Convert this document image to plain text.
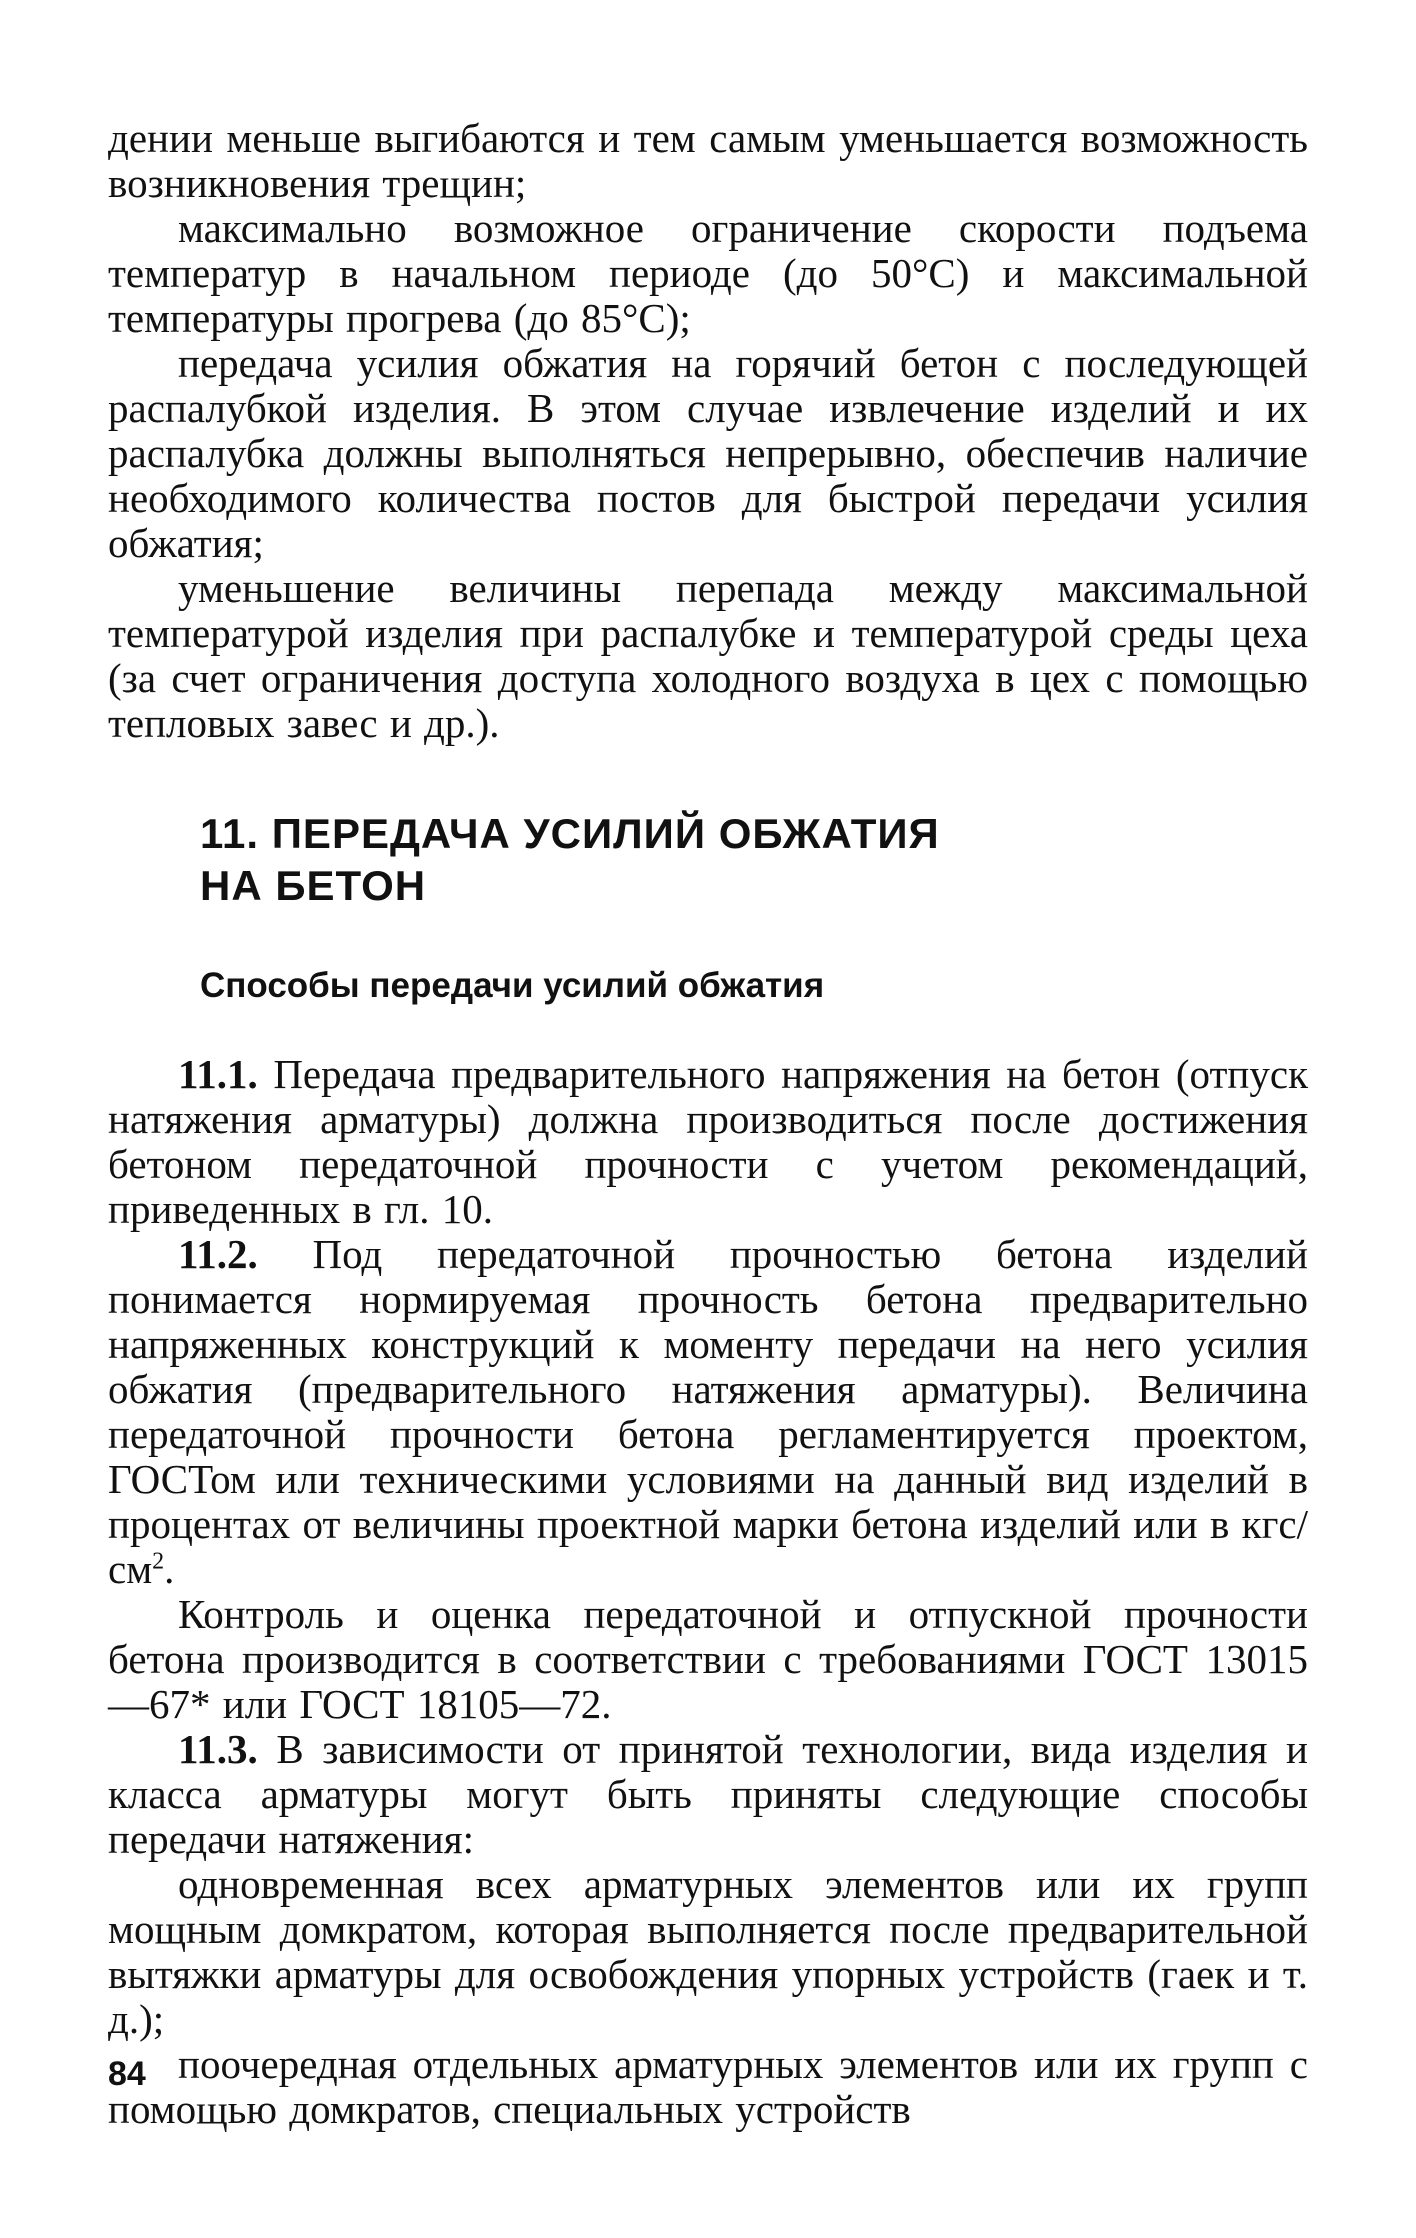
дении меньше выгибаются и тем самым уменьшается возможность возникновения трещин;

максимально возможное ограничение скорости подъема температур в начальном периоде (до 50°С) и максимальной температуры прогрева (до 85°С);

передача усилия обжатия на горячий бетон с последующей распалубкой изделия. В этом случае извлечение изделий и их распалубка должны выполняться непрерывно, обеспечив наличие необходимого количества постов для быстрой передачи усилия обжатия;

уменьшение величины перепада между максимальной температурой изделия при распалубке и температурой среды цеха (за счет ограничения доступа холодного воздуха в цех с помощью тепловых завес и др.).

11. ПЕРЕДАЧА УСИЛИЙ ОБЖАТИЯ
НА БЕТОН
Способы передачи усилий обжатия

11.1. Передача предварительного напряжения на бетон (отпуск натяжения арматуры) должна производиться после достижения бетоном передаточной прочности с учетом рекомендаций, приведенных в гл. 10.

11.2. Под передаточной прочностью бетона изделий понимается нормируемая прочность бетона предварительно напряженных конструкций к моменту передачи на него усилия обжатия (предварительного натяжения арматуры). Величина передаточной прочности бетона регламентируется проектом, ГОСТом или техническими условиями на данный вид изделий в процентах от величины проектной марки бетона изделий или в кгс/$см^2$.

Контроль и оценка передаточной и отпускной прочности бетона производится в соответствии с требованиями ГОСТ 13015—67* или ГОСТ 18105—72.

11.3. В зависимости от принятой технологии, вида изделия и класса арматуры могут быть приняты следующие способы передачи натяжения:

одновременная всех арматурных элементов или их групп мощным домкратом, которая выполняется после предварительной вытяжки арматуры для освобождения упорных устройств (гаек и т. д.);

поочередная отдельных арматурных элементов или их групп с помощью домкратов, специальных устройств

84
